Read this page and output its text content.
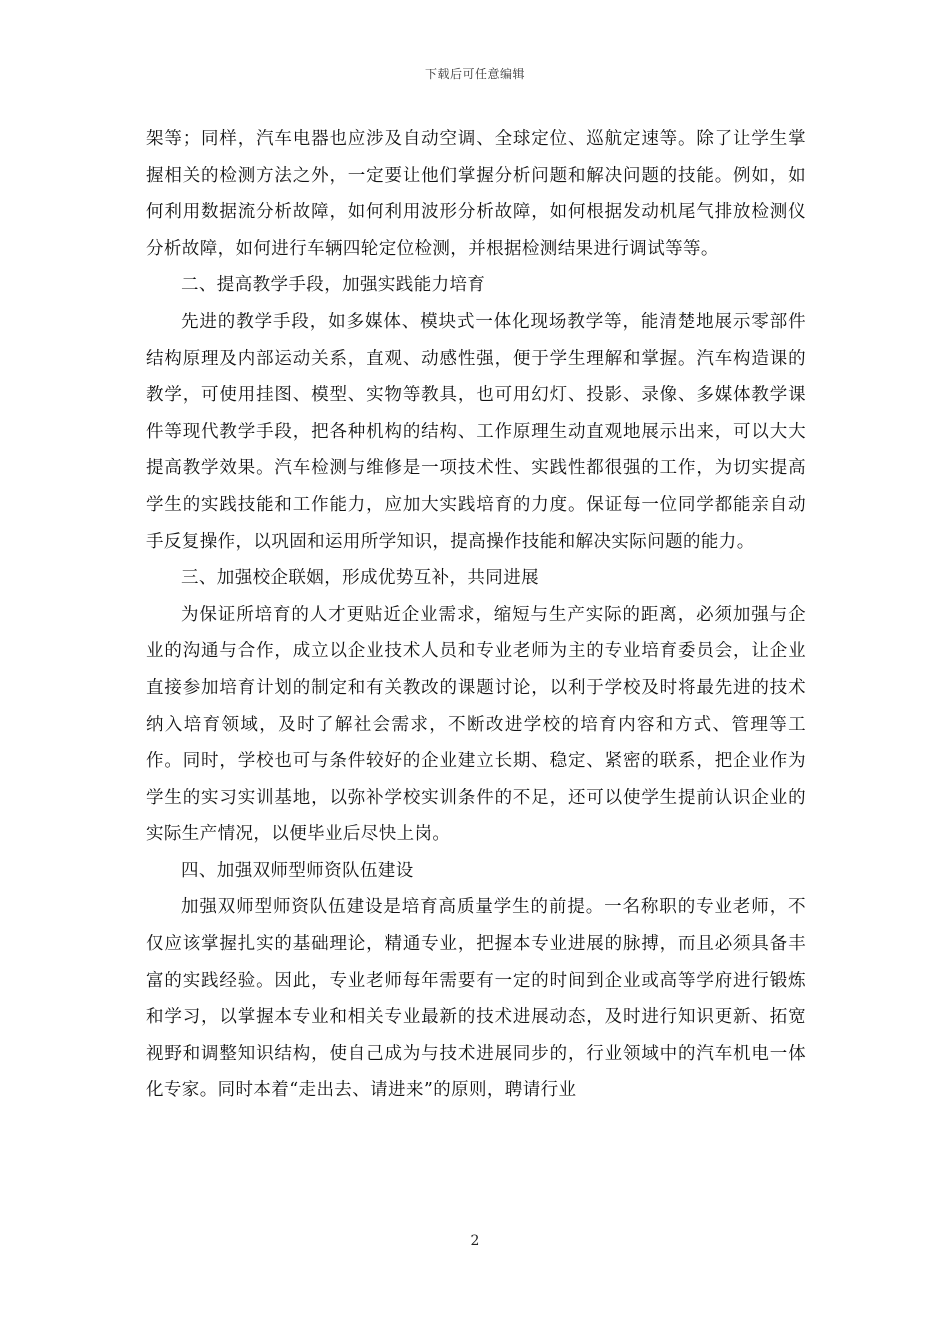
下载后可任意编辑

架等；同样，汽车电器也应涉及自动空调、全球定位、巡航定速等。除了让学生掌握相关的检测方法之外，一定要让他们掌握分析问题和解决问题的技能。例如，如何利用数据流分析故障，如何利用波形分析故障，如何根据发动机尾气排放检测仪分析故障，如何进行车辆四轮定位检测，并根据检测结果进行调试等等。

二、提高教学手段，加强实践能力培育

先进的教学手段，如多媒体、模块式一体化现场教学等，能清楚地展示零部件结构原理及内部运动关系，直观、动感性强，便于学生理解和掌握。汽车构造课的教学，可使用挂图、模型、实物等教具，也可用幻灯、投影、录像、多媒体教学课件等现代教学手段，把各种机构的结构、工作原理生动直观地展示出来，可以大大提高教学效果。汽车检测与维修是一项技术性、实践性都很强的工作，为切实提高学生的实践技能和工作能力，应加大实践培育的力度。保证每一位同学都能亲自动手反复操作，以巩固和运用所学知识，提高操作技能和解决实际问题的能力。

三、加强校企联姻，形成优势互补，共同进展

为保证所培育的人才更贴近企业需求，缩短与生产实际的距离，必须加强与企业的沟通与合作，成立以企业技术人员和专业老师为主的专业培育委员会，让企业直接参加培育计划的制定和有关教改的课题讨论，以利于学校及时将最先进的技术纳入培育领域，及时了解社会需求，不断改进学校的培育内容和方式、管理等工作。同时，学校也可与条件较好的企业建立长期、稳定、紧密的联系，把企业作为学生的实习实训基地，以弥补学校实训条件的不足，还可以使学生提前认识企业的实际生产情况，以便毕业后尽快上岗。

四、加强双师型师资队伍建设

加强双师型师资队伍建设是培育高质量学生的前提。一名称职的专业老师，不仅应该掌握扎实的基础理论，精通专业，把握本专业进展的脉搏，而且必须具备丰富的实践经验。因此，专业老师每年需要有一定的时间到企业或高等学府进行锻炼和学习，以掌握本专业和相关专业最新的技术进展动态，及时进行知识更新、拓宽视野和调整知识结构，使自己成为与技术进展同步的，行业领域中的汽车机电一体化专家。同时本着“走出去、请进来”的原则，聘请行业

2
